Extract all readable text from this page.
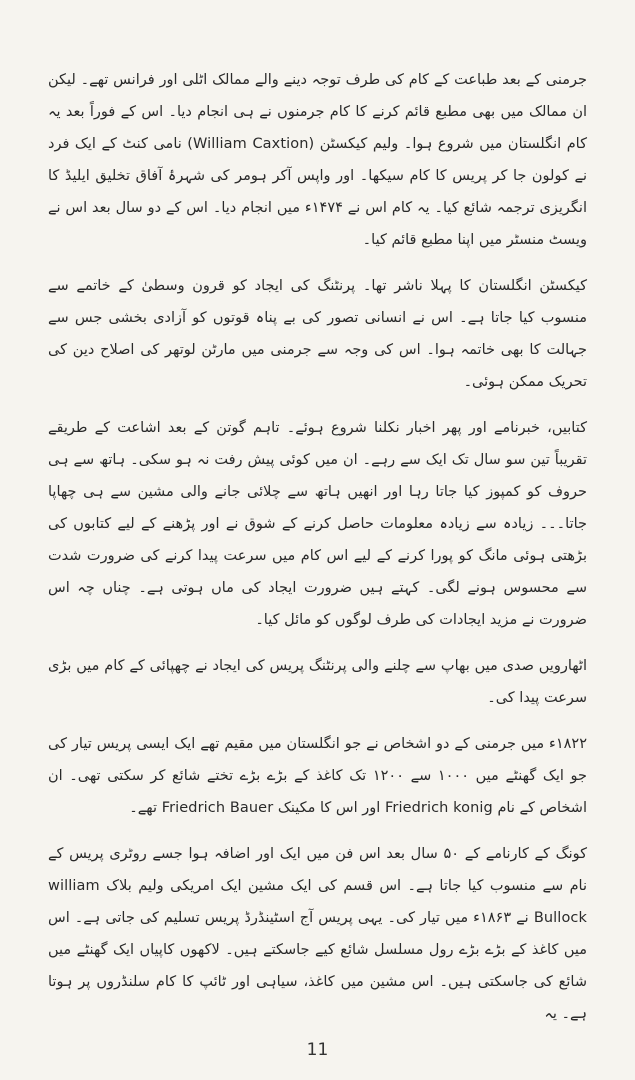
جرمنی کے بعد طباعت کے کام کی طرف توجہ دینے والے ممالک اٹلی اور فرانس تھے۔ لیکن ان ممالک میں بھی مطبع قائم کرنے کا کام جرمنوں نے ہی انجام دیا۔ اس کے فوراً بعد یہ کام انگلستان میں شروع ہوا۔ ولیم کیکسٹن (William Caxtion) نامی کنٹ کے ایک فرد نے کولون جا کر پریس کا کام سیکھا۔ اور واپس آکر ہومر کی شہرۂ آفاق تخلیق ایلیڈ کا انگریزی ترجمہ شائع کیا۔ یہ کام اس نے ۱۴۷۴ء میں انجام دیا۔ اس کے دو سال بعد اس نے ویسٹ منسٹر میں اپنا مطبع قائم کیا۔

کیکسٹن انگلستان کا پہلا ناشر تھا۔ پرنٹنگ کی ایجاد کو قرون وسطیٰ کے خاتمے سے منسوب کیا جاتا ہے۔ اس نے انسانی تصور کی بے پناہ قوتوں کو آزادی بخشی جس سے جہالت کا بھی خاتمہ ہوا۔ اس کی وجہ سے جرمنی میں مارٹن لوتھر کی اصلاح دین کی تحریک ممکن ہوئی۔

کتابیں، خبرنامے اور پھر اخبار نکلنا شروع ہوئے۔ تاہم گوتن کے بعد اشاعت کے طریقے تقریباً تین سو سال تک ایک سے رہے۔ ان میں کوئی پیش رفت نہ ہو سکی۔ ہاتھ سے ہی حروف کو کمپوز کیا جاتا رہا اور انھیں ہاتھ سے چلائی جانے والی مشین سے ہی چھاپا جاتا۔۔۔ زیادہ سے زیادہ معلومات حاصل کرنے کے شوق نے اور پڑھنے کے لیے کتابوں کی بڑھتی ہوئی مانگ کو پورا کرنے کے لیے اس کام میں سرعت پیدا کرنے کی ضرورت شدت سے محسوس ہونے لگی۔ کہتے ہیں ضرورت ایجاد کی ماں ہوتی ہے۔ چناں چہ اس ضرورت نے مزید ایجادات کی طرف لوگوں کو مائل کیا۔

اٹھارویں صدی میں بھاپ سے چلنے والی پرنٹنگ پریس کی ایجاد نے چھپائی کے کام میں بڑی سرعت پیدا کی۔

۱۸۲۲ء میں جرمنی کے دو اشخاص نے جو انگلستان میں مقیم تھے ایک ایسی پریس تیار کی جو ایک گھنٹے میں ۱۰۰۰ سے ۱۲۰۰ تک کاغذ کے بڑے بڑے تختے شائع کر سکتی تھی۔ ان اشخاص کے نام Friedrich konig اور اس کا مکینک Friedrich Bauer تھے۔

کونگ کے کارنامے کے ۵۰ سال بعد اس فن میں ایک اور اضافہ ہوا جسے روٹری پریس کے نام سے منسوب کیا جاتا ہے۔ اس قسم کی ایک مشین ایک امریکی ولیم بلاک william Bullock نے ۱۸۶۳ء میں تیار کی۔ یہی پریس آج اسٹینڈرڈ پریس تسلیم کی جاتی ہے۔ اس میں کاغذ کے بڑے بڑے رول مسلسل شائع کیے جاسکتے ہیں۔ لاکھوں کاپیاں ایک گھنٹے میں شائع کی جاسکتی ہیں۔ اس مشین میں کاغذ، سیاہی اور ٹائپ کا کام سلنڈروں پر ہوتا ہے۔ یہ

11
